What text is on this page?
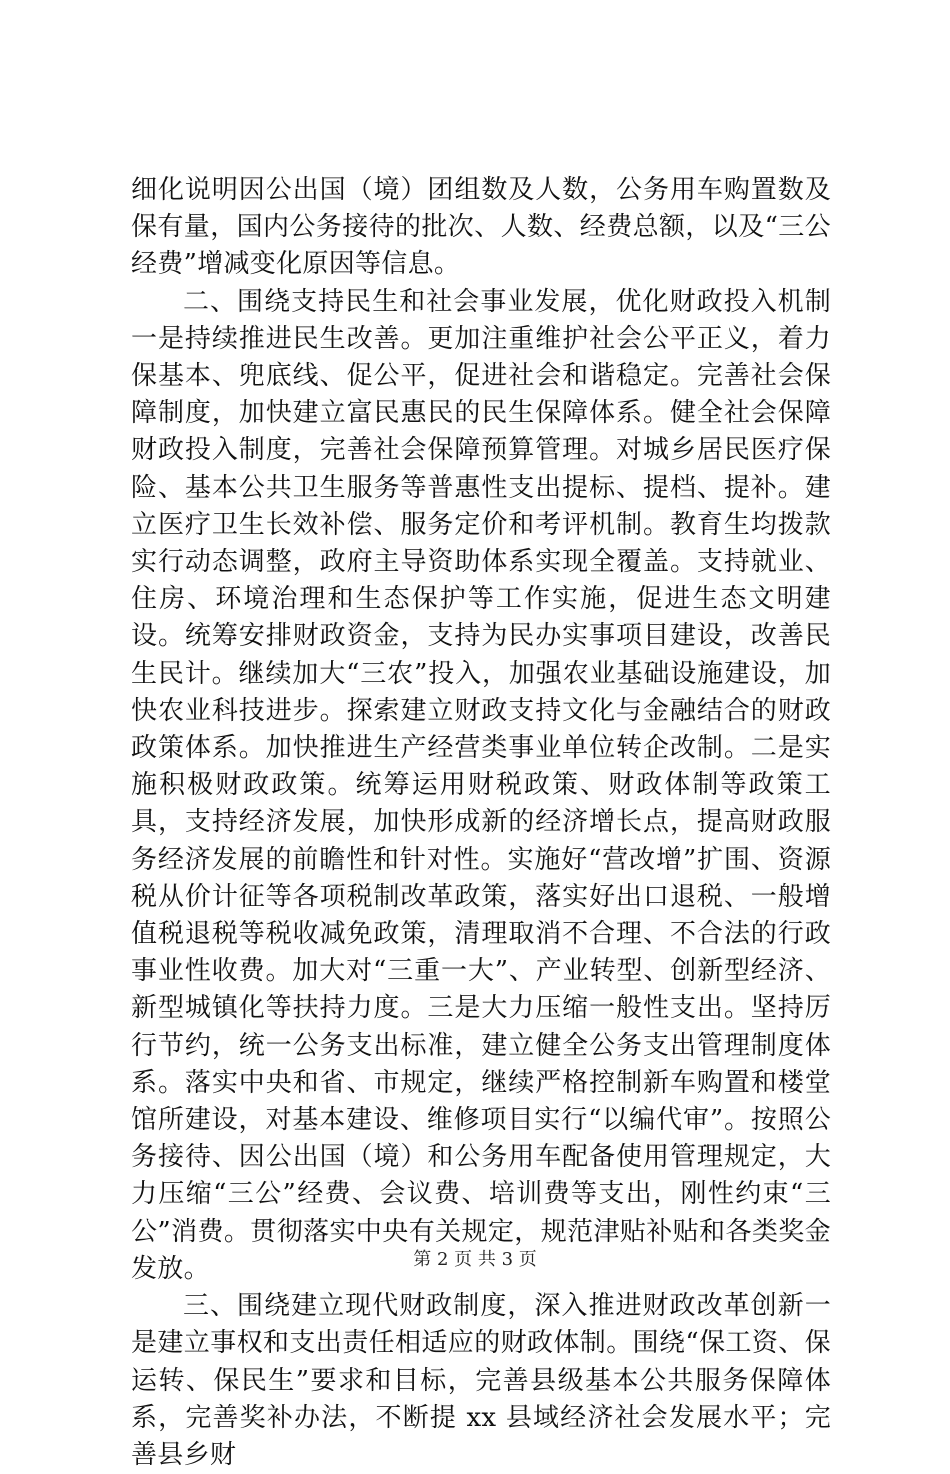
细化说明因公出国（境）团组数及人数，公务用车购置数及保有量，国内公务接待的批次、人数、经费总额，以及“三公经费”增减变化原因等信息。

二、围绕支持民生和社会事业发展，优化财政投入机制一是持续推进民生改善。更加注重维护社会公平正义，着力保基本、兜底线、促公平，促进社会和谐稳定。完善社会保障制度，加快建立富民惠民的民生保障体系。健全社会保障财政投入制度，完善社会保障预算管理。对城乡居民医疗保险、基本公共卫生服务等普惠性支出提标、提档、提补。建立医疗卫生长效补偿、服务定价和考评机制。教育生均拨款实行动态调整，政府主导资助体系实现全覆盖。支持就业、住房、环境治理和生态保护等工作实施，促进生态文明建设。统筹安排财政资金，支持为民办实事项目建设，改善民生民计。继续加大“三农”投入，加强农业基础设施建设，加快农业科技进步。探索建立财政支持文化与金融结合的财政政策体系。加快推进生产经营类事业单位转企改制。二是实施积极财政政策。统筹运用财税政策、财政体制等政策工具，支持经济发展，加快形成新的经济增长点，提高财政服务经济发展的前瞻性和针对性。实施好“营改增”扩围、资源税从价计征等各项税制改革政策，落实好出口退税、一般增值税退税等税收减免政策，清理取消不合理、不合法的行政事业性收费。加大对“三重一大”、产业转型、创新型经济、新型城镇化等扶持力度。三是大力压缩一般性支出。坚持厉行节约，统一公务支出标准，建立健全公务支出管理制度体系。落实中央和省、市规定，继续严格控制新车购置和楼堂馆所建设，对基本建设、维修项目实行“以编代审”。按照公务接待、因公出国（境）和公务用车配备使用管理规定，大力压缩“三公”经费、会议费、培训费等支出，刚性约束“三公”消费。贯彻落实中央有关规定，规范津贴补贴和各类奖金发放。

三、围绕建立现代财政制度，深入推进财政改革创新一是建立事权和支出责任相适应的财政体制。围绕“保工资、保运转、保民生”要求和目标，完善县级基本公共服务保障体系，完善奖补办法，不断提 xx 县域经济社会发展水平；完善县乡财

第 2 页 共 3 页
